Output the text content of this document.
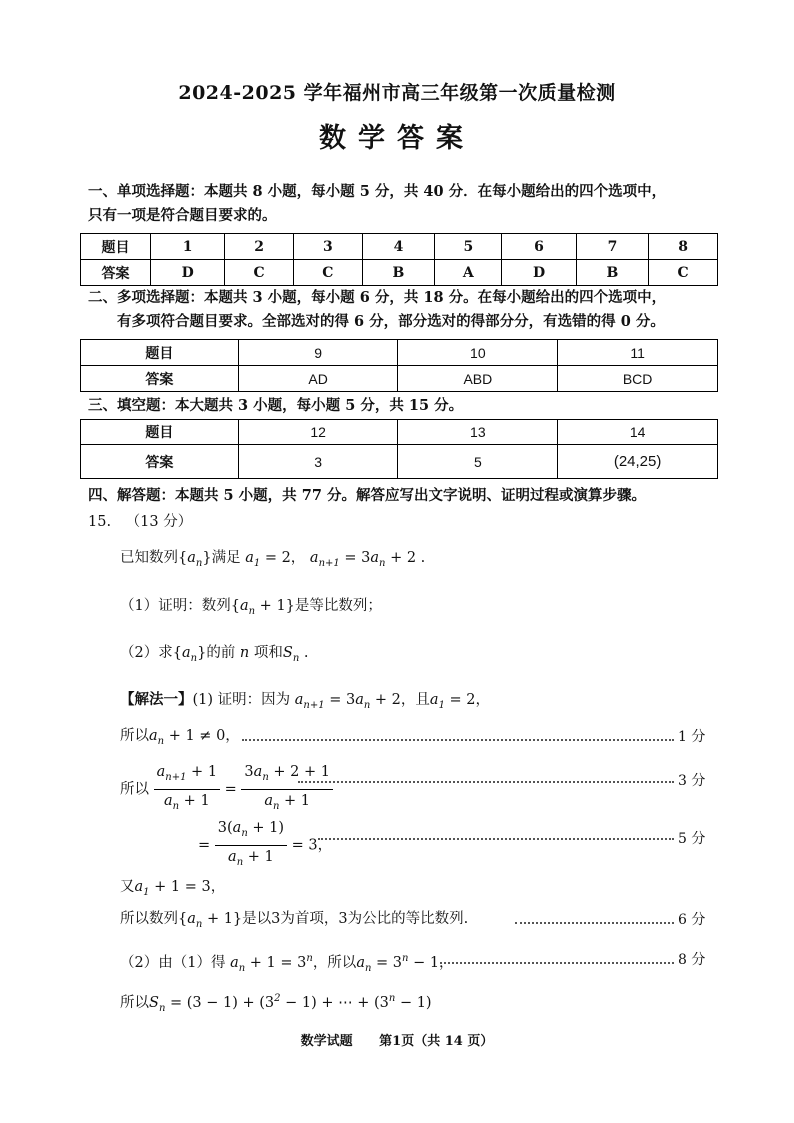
2024-2025 学年福州市高三年级第一次质量检测
数学答案
一、单项选择题：本题共 8 小题，每小题 5 分，共 40 分．在每小题给出的四个选项中，
只有一项是符合题目要求的。
题目	1	2	3	4	5	6	7	8
答案	D	C	C	B	A	D	B	C
二、多项选择题：本题共 3 小题，每小题 6 分，共 18 分。在每小题给出的四个选项中，
有多项符合题目要求。全部选对的得 6 分，部分选对的得部分分，有选错的得 0 分。
题目	9	10	11
答案	AD	ABD	BCD
三、填空题：本大题共 3 小题，每小题 5 分，共 15 分。
题目	12	13	14
答案	3	5	(24,25)
四、解答题：本题共 5 小题，共 77 分。解答应写出文字说明、证明过程或演算步骤。
15. （13 分）
已知数列$\{a_n\}$满足 $a_1 = 2$， $a_{n+1} = 3a_n + 2$ .
（1）证明：数列$\{a_n + 1\}$是等比数列；
（2）求$\{a_n\}$的前 n 项和$S_n$ .
【解法一】(1) 证明：因为 $a_{n+1} = 3a_n + 2$，且$a_1 = 2$，
所以$a_n + 1 \ne 0$，	1 分
所以 $\frac{a_{n+1} + 1}{a_n + 1} = \frac{3a_n + 2 + 1}{a_n + 1}$	3 分
= $\frac{3(a_n + 1)}{a_n + 1} = 3$，	5 分
又$a_1 + 1 = 3$，
所以数列$\{a_n + 1\}$是以3为首项，3为公比的等比数列.	6 分
（2）由（1）得 $a_n + 1 = 3^n$，所以$a_n = 3^n - 1$，	8 分
所以$S_n = (3 - 1) + (3^2 - 1)$ + ⋯ + $(3^n - 1)$
数学试题 第1页（共 14 页）
